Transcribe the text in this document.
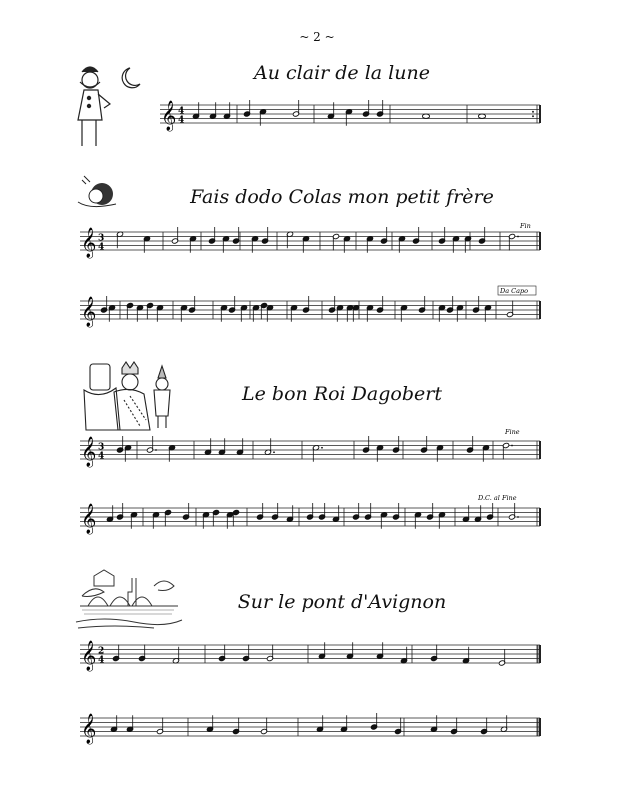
~ 2 ~
Au clair de la lune
Fais dodo Colas mon petit frère
Le bon Roi Dagobert
Sur le pont d'Avignon
𝄞 4
4
𝄞 3
4
𝄞
𝄞 3
4
𝄞
𝄞 2
4
𝄞
Fin
Da Capo
Fine
D.C. al Fine
